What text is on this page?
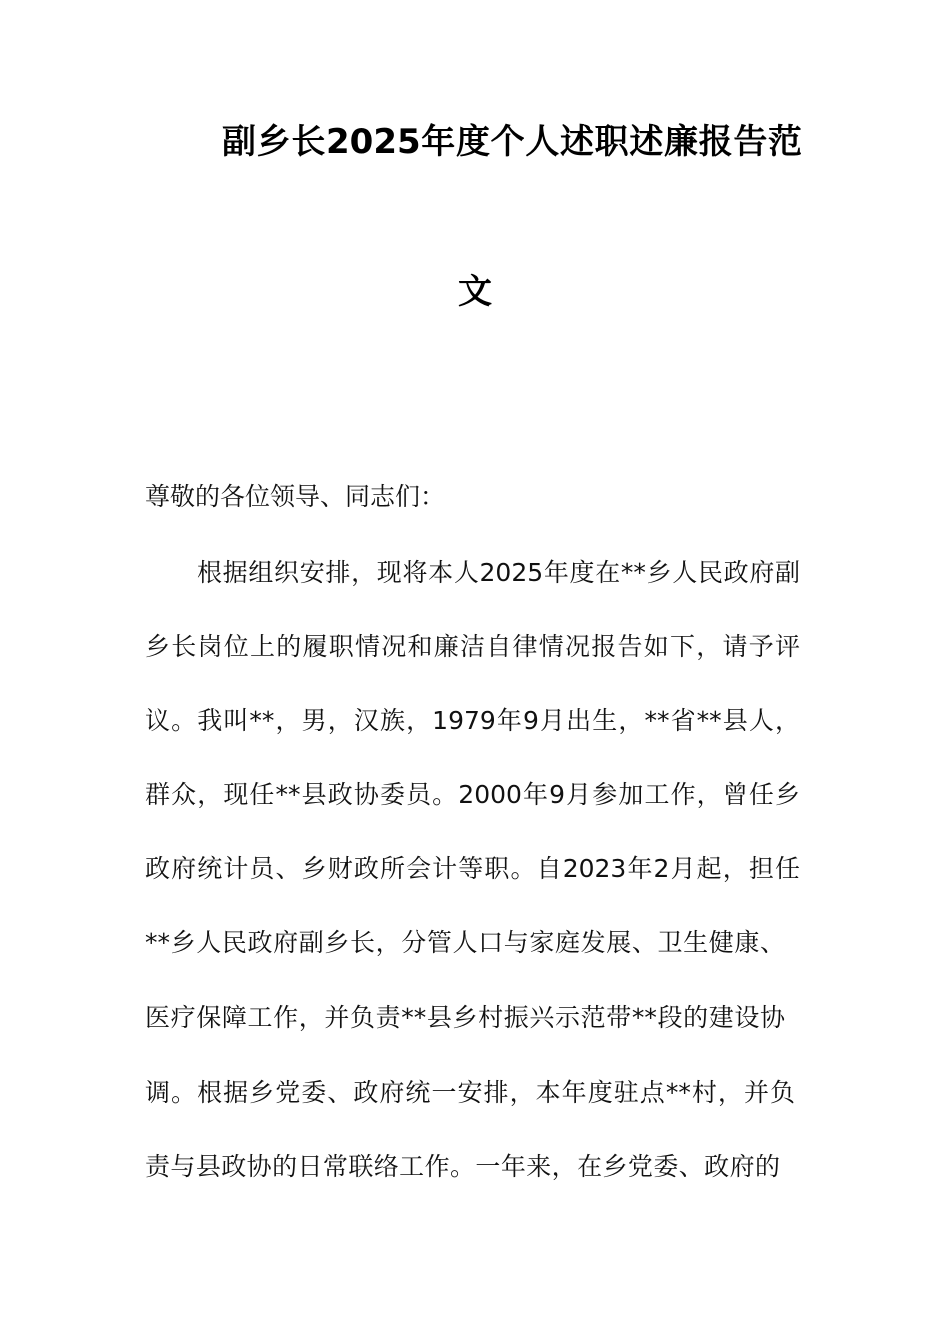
副乡长2025年度个人述职述廉报告范
文
尊敬的各位领导、同志们：
根据组织安排，现将本人2025年度在**乡人民政府副
乡长岗位上的履职情况和廉洁自律情况报告如下，请予评
议。我叫**，男，汉族，1979年9月出生，**省**县人，
群众，现任**县政协委员。2000年9月参加工作，曾任乡
政府统计员、乡财政所会计等职。自2023年2月起，担任
**乡人民政府副乡长，分管人口与家庭发展、卫生健康、
医疗保障工作，并负责**县乡村振兴示范带**段的建设协
调。根据乡党委、政府统一安排，本年度驻点**村，并负
责与县政协的日常联络工作。一年来，在乡党委、政府的
